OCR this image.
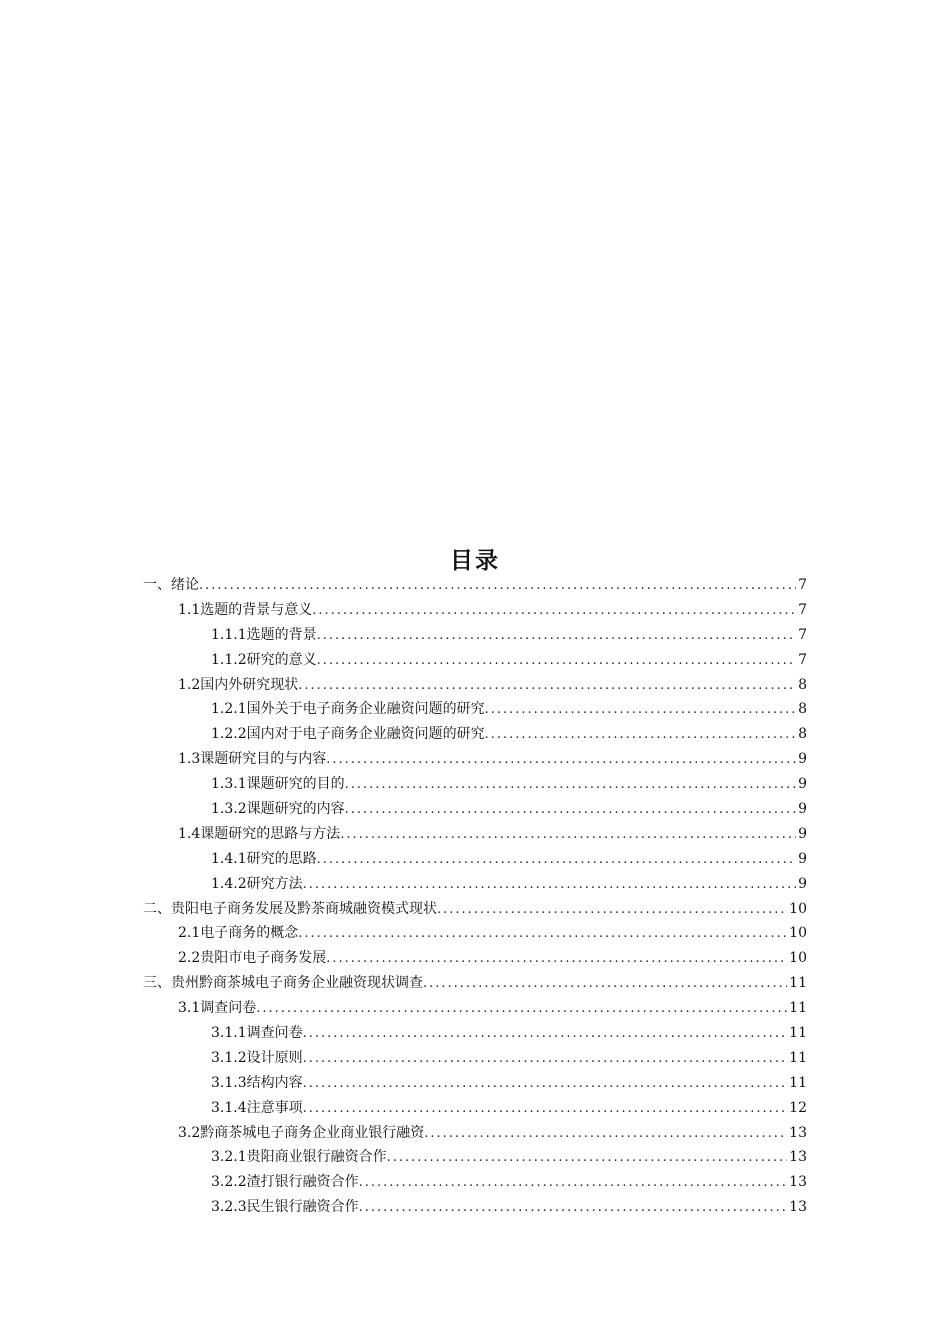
目录
一、绪论 .....	7
1.1选题的背景与意义 .....	7
1.1.1选题的背景 .....	7
1.1.2研究的意义 .....	7
1.2国内外研究现状 .....	8
1.2.1国外关于电子商务企业融资问题的研究 .....	8
1.2.2国内对于电子商务企业融资问题的研究 .....	8
1.3课题研究目的与内容 .....	9
1.3.1课题研究的目的 .....	9
1.3.2课题研究的内容 .....	9
1.4课题研究的思路与方法 .....	9
1.4.1研究的思路 .....	9
1.4.2研究方法 .....	9
二、贵阳电子商务发展及黔茶商城融资模式现状 .....	10
2.1电子商务的概念 .....	10
2.2贵阳市电子商务发展 .....	10
三、贵州黔商茶城电子商务企业融资现状调查 .....	11
3.1调查问卷 .....	11
3.1.1调查问卷 .....	11
3.1.2设计原则 .....	11
3.1.3结构内容 .....	11
3.1.4注意事项 .....	12
3.2黔商茶城电子商务企业商业银行融资 .....	13
3.2.1贵阳商业银行融资合作 .....	13
3.2.2渣打银行融资合作 .....	13
3.2.3民生银行融资合作 .....	13
